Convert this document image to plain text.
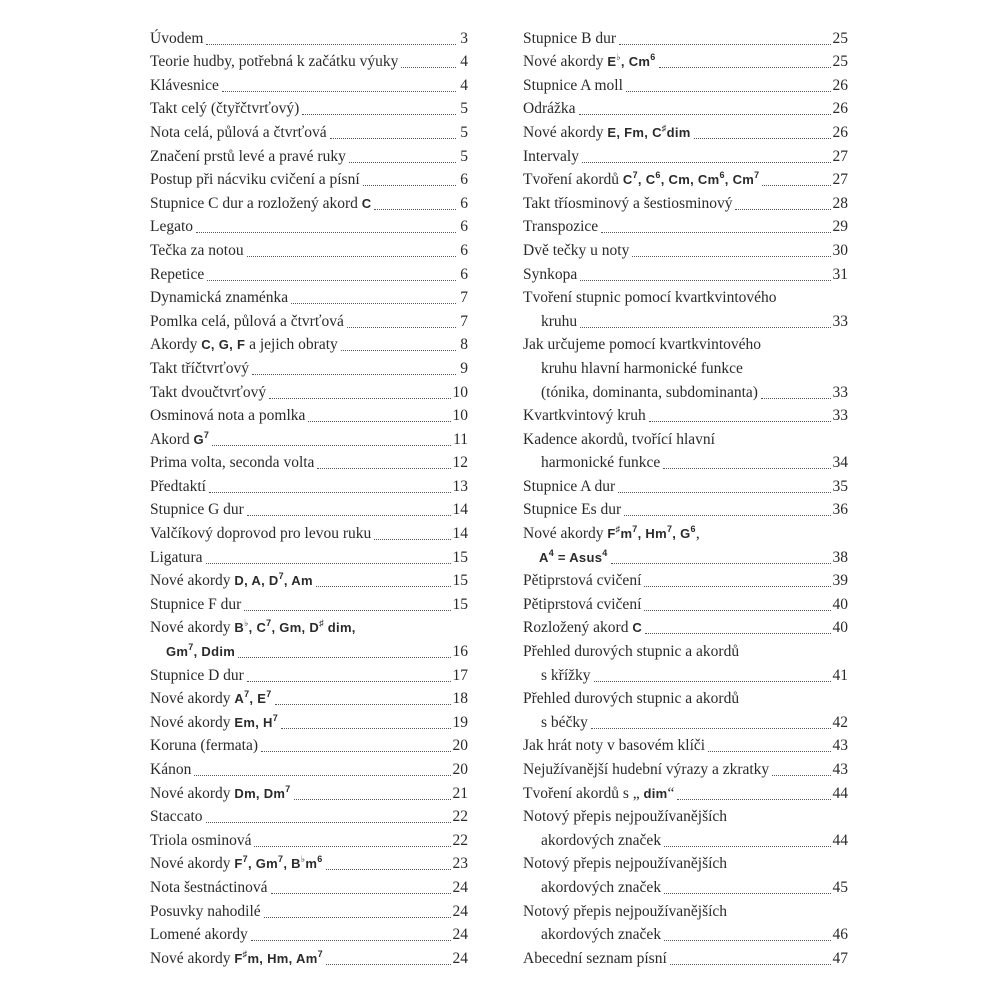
Úvodem	3
Teorie hudby, potřebná k začátku výuky	4
Klávesnice	4
Takt celý (čtyřčtvrťový)	5
Nota celá, půlová a čtvrťová	5
Značení prstů levé a pravé ruky	5
Postup při nácviku cvičení a písní	6
Stupnice C dur a rozložený akord C	6
Legato	6
Tečka za notou	6
Repetice	6
Dynamická znaménka	7
Pomlka celá, půlová a čtvrťová	7
Akordy C, G, F a jejich obraty	8
Takt tříčtvrťový	9
Takt dvoučtvrťový	10
Osminová nota a pomlka	10
Akord $G^7$	11
Prima volta, seconda volta	12
Předtaktí	13
Stupnice G dur	14
Valčíkový doprovod pro levou ruku	14
Ligatura	15
Nové akordy D, A, $D^7$, Am	15
Stupnice F dur	15
Nové akordy B♭, $C^7$, Gm, D♯ dim,
Gm$^7$, Ddim	16
Stupnice D dur	17
Nové akordy $A^7$, $E^7$	18
Nové akordy Em, $H^7$	19
Koruna (fermata)	20
Kánon	20
Nové akordy Dm, Dm$^7$	21
Staccato	22
Triola osminová	22
Nové akordy $F^7$, Gm$^7$, $B^♭m^6$	23
Nota šestnáctinová	24
Posuvky nahodilé	24
Lomené akordy	24
Nové akordy F♯m, Hm, Am$^7$	24
Stupnice B dur	25
Nové akordy E♭, Cm$^6$	25
Stupnice A moll	26
Odrážka	26
Nové akordy E, Fm, C♯dim	26
Intervaly	27
Tvoření akordů $C^7$, $C^6$, Cm, Cm$^6$, Cm$^7$	27
Takt tříosminový a šestiosminový	28
Transpozice	29
Dvě tečky u noty	30
Synkopa	31
Tvoření stupnic pomocí kvartkvintového
kruhu	33
Jak určujeme pomocí kvartkvintového
kruhu hlavní harmonické funkce
(tónika, dominanta, subdominanta)	33
Kvartkvintový kruh	33
Kadence akordů, tvořící hlavní
harmonické funkce	34
Stupnice A dur	35
Stupnice Es dur	36
Nové akordy $F^♯m^7$, Hm$^7$, $G^6$,
$A^4$ = Asus$^4$	38
Pětiprstová cvičení	39
Pětiprstová cvičení	40
Rozložený akord C	40
Přehled durových stupnic a akordů
s křížky	41
Přehled durových stupnic a akordů
s béčky	42
Jak hrát noty v basovém klíči	43
Nejužívanější hudební výrazy a zkratky	43
Tvoření akordů s „ dim“	44
Notový přepis nejpoužívanějších
akordových značek	44
Notový přepis nejpoužívanějších
akordových značek	45
Notový přepis nejpoužívanějších
akordových značek	46
Abecední seznam písní	47
